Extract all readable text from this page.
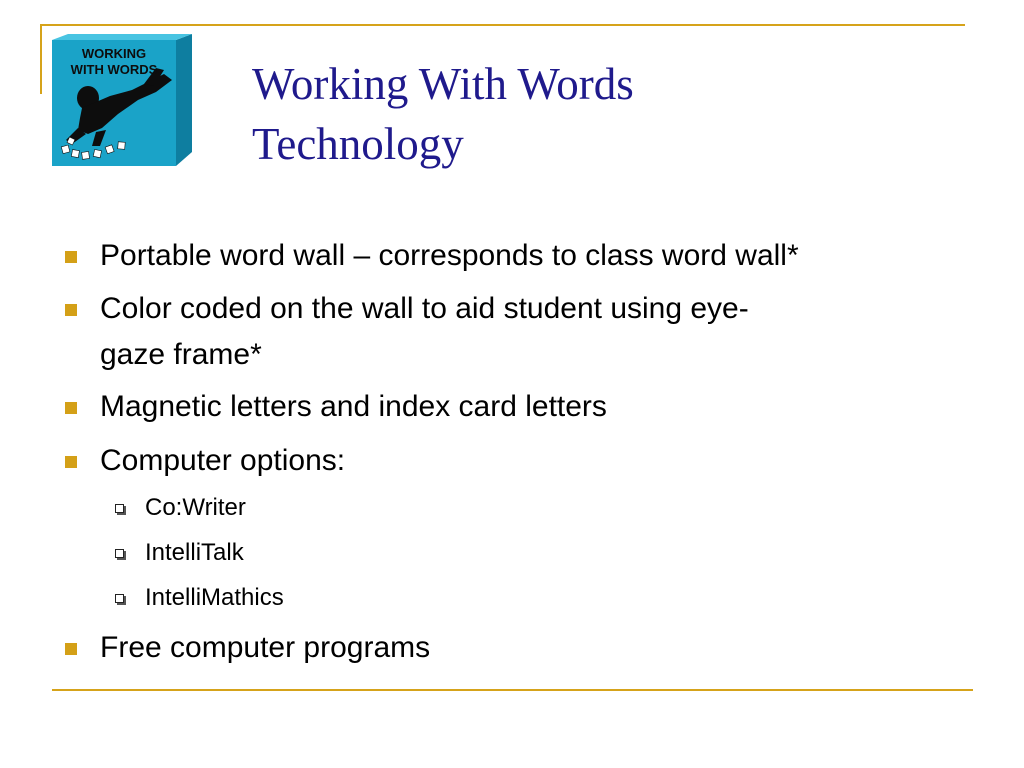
WORKING
WITH WORDS	Working With Words
Technology
Portable word wall – corresponds to class word wall*
Color coded on the wall to aid student using eye-
gaze frame*
Magnetic letters and index card letters
Computer options:
Co:Writer
IntelliTalk
IntelliMathics
Free computer programs
